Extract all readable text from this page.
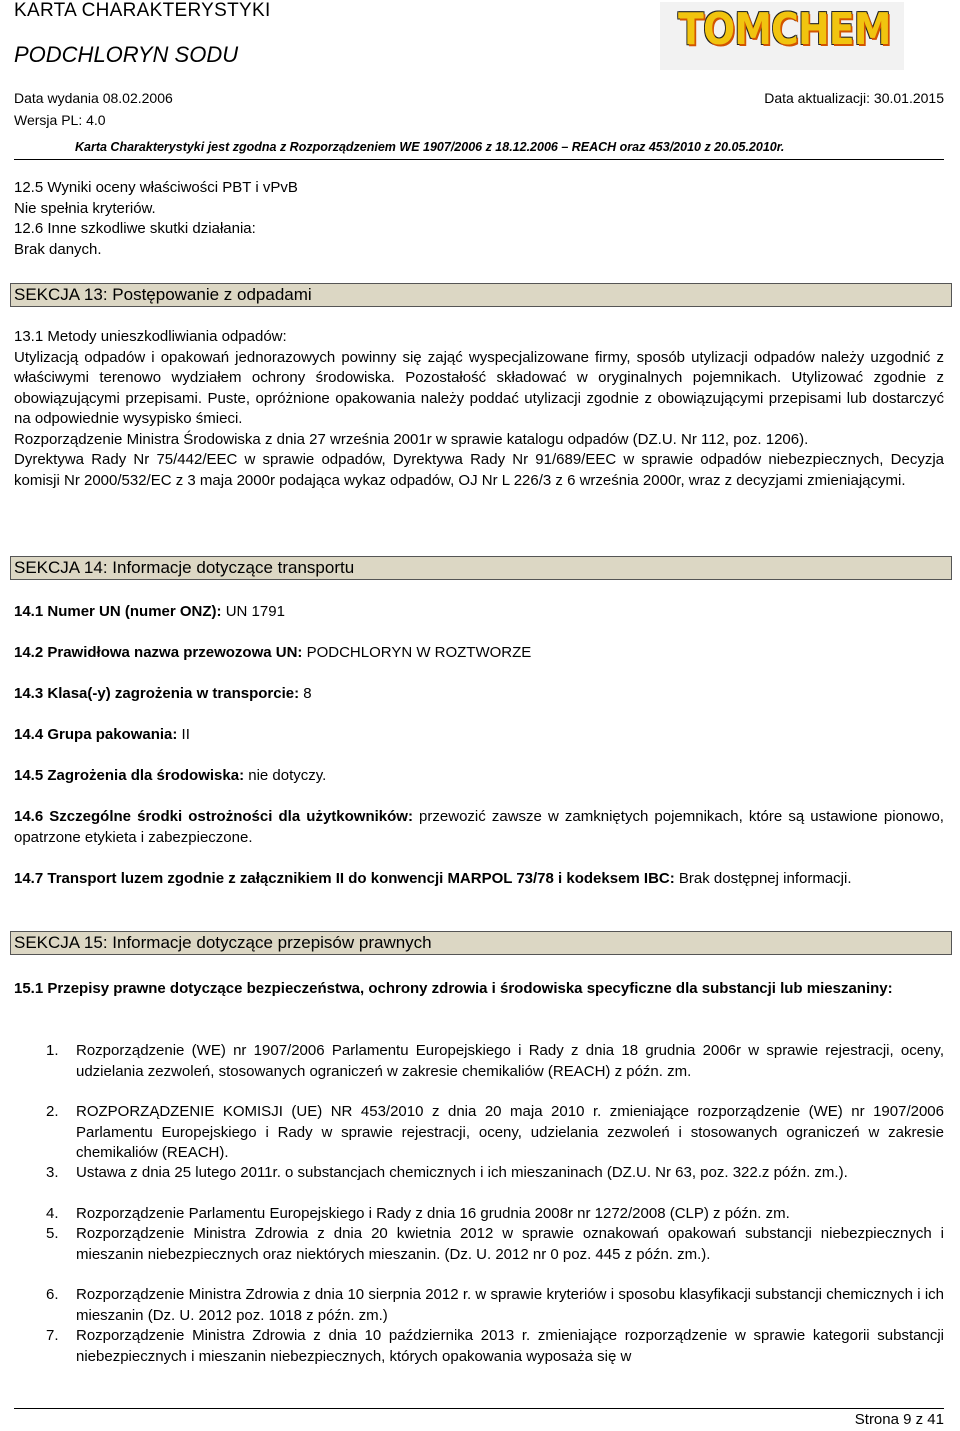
KARTA CHARAKTERYSTYKI
PODCHLORYN SODU	TOMCHEM
Data wydania 08.02.2006	Data aktualizacji: 30.01.2015
Wersja PL: 4.0
Karta Charakterystyki jest zgodna z Rozporządzeniem WE 1907/2006 z 18.12.2006 – REACH oraz 453/2010 z 20.05.2010r.
12.5 Wyniki oceny właściwości PBT i vPvB
Nie spełnia kryteriów.
12.6 Inne szkodliwe skutki działania:
Brak danych.
SEKCJA 13: Postępowanie z odpadami
13.1 Metody unieszkodliwiania odpadów:
Utylizacją odpadów i opakowań jednorazowych powinny się zająć wyspecjalizowane firmy, sposób utylizacji odpadów należy uzgodnić z właściwymi terenowo wydziałem ochrony środowiska. Pozostałość składować w oryginalnych pojemnikach. Utylizować zgodnie z obowiązującymi przepisami. Puste, opróżnione opakowania należy poddać utylizacji zgodnie z obowiązującymi przepisami lub dostarczyć na odpowiednie wysypisko śmieci.
Rozporządzenie Ministra Środowiska z dnia 27 września 2001r w sprawie katalogu odpadów (DZ.U. Nr 112, poz. 1206).
Dyrektywa Rady Nr 75/442/EEC w sprawie odpadów, Dyrektywa Rady Nr 91/689/EEC w sprawie odpadów niebezpiecznych, Decyzja komisji Nr 2000/532/EC z 3 maja 2000r podająca wykaz odpadów, OJ Nr L 226/3 z 6 września 2000r, wraz z decyzjami zmieniającymi.
SEKCJA 14: Informacje dotyczące transportu
14.1 Numer UN (numer ONZ): UN 1791
14.2 Prawidłowa nazwa przewozowa UN: PODCHLORYN W ROZTWORZE
14.3 Klasa(-y) zagrożenia w transporcie: 8
14.4 Grupa pakowania: II
14.5 Zagrożenia dla środowiska: nie dotyczy.
14.6 Szczególne środki ostrożności dla użytkowników: przewozić zawsze w zamkniętych pojemnikach, które są ustawione pionowo, opatrzone etykieta i zabezpieczone.
14.7 Transport luzem zgodnie z załącznikiem II do konwencji MARPOL 73/78 i kodeksem IBC: Brak dostępnej informacji.
SEKCJA 15: Informacje dotyczące przepisów prawnych
15.1 Przepisy prawne dotyczące bezpieczeństwa, ochrony zdrowia i środowiska specyficzne dla substancji lub mieszaniny:
1. Rozporządzenie (WE) nr 1907/2006 Parlamentu Europejskiego i Rady z dnia 18 grudnia 2006r w sprawie rejestracji, oceny, udzielania zezwoleń, stosowanych ograniczeń w zakresie chemikaliów (REACH) z późn. zm.
2. ROZPORZĄDZENIE KOMISJI (UE) NR 453/2010 z dnia 20 maja 2010 r. zmieniające rozporządzenie (WE) nr 1907/2006 Parlamentu Europejskiego i Rady w sprawie rejestracji, oceny, udzielania zezwoleń i stosowanych ograniczeń w zakresie chemikaliów (REACH).
3. Ustawa z dnia 25 lutego 2011r. o substancjach chemicznych i ich mieszaninach (DZ.U. Nr 63, poz. 322.z późn. zm.).
4. Rozporządzenie Parlamentu Europejskiego i Rady z dnia 16 grudnia 2008r nr 1272/2008 (CLP) z późn. zm.
5. Rozporządzenie Ministra Zdrowia z dnia 20 kwietnia 2012 w sprawie oznakowań opakowań substancji niebezpiecznych i mieszanin niebezpiecznych oraz niektórych mieszanin. (Dz. U. 2012 nr 0 poz. 445 z późn. zm.).
6. Rozporządzenie Ministra Zdrowia z dnia 10 sierpnia 2012 r. w sprawie kryteriów i sposobu klasyfikacji substancji chemicznych i ich mieszanin (Dz. U. 2012 poz. 1018 z późn. zm.)
7. Rozporządzenie Ministra Zdrowia z dnia 10 października 2013 r. zmieniające rozporządzenie w sprawie kategorii substancji niebezpiecznych i mieszanin niebezpiecznych, których opakowania wyposaża się w
Strona 9 z 41
